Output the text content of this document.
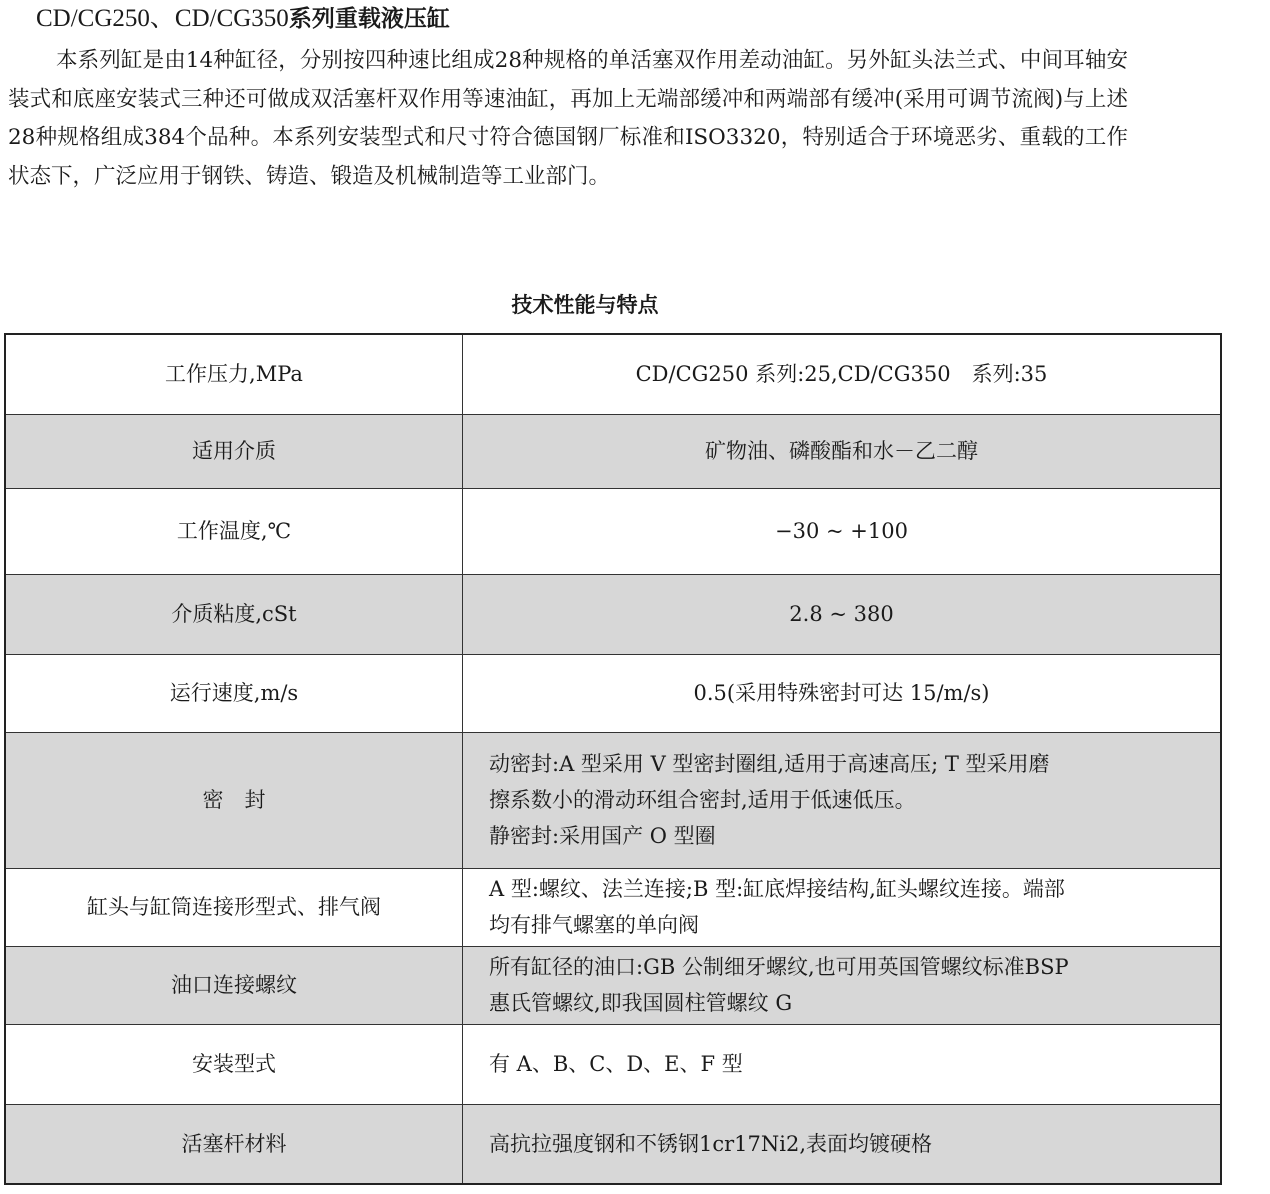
CD/CG250、CD/CG350系列重载液压缸

本系列缸是由14种缸径，分别按四种速比组成28种规格的单活塞双作用差动油缸。另外缸头法兰式、中间耳轴安装式和底座安装式三种还可做成双活塞杆双作用等速油缸，再加上无端部缓冲和两端部有缓冲(采用可调节流阀)与上述28种规格组成384个品种。本系列安装型式和尺寸符合德国钢厂标准和ISO3320，特别适合于环境恶劣、重载的工作状态下，广泛应用于钢铁、铸造、锻造及机械制造等工业部门。

技术性能与特点
工作压力,MPa	CD/CG250 系列:25,CD/CG350　系列:35
适用介质	矿物油、磷酸酯和水－乙二醇
工作温度,℃	−30 ~ +100
介质粘度,cSt	2.8 ~ 380
运行速度,m/s	0.5(采用特殊密封可达 15/m/s)
密　封	动密封:A 型采用 V 型密封圈组,适用于高速高压; T 型采用磨
擦系数小的滑动环组合密封,适用于低速低压。
静密封:采用国产 O 型圈

缸头与缸筒连接形型式、排气阀	A 型:螺纹、法兰连接;B 型:缸底焊接结构,缸头螺纹连接。端部
均有排气螺塞的单向阀

油口连接螺纹	所有缸径的油口:GB 公制细牙螺纹,也可用英国管螺纹标准BSP
惠氏管螺纹,即我国圆柱管螺纹 G

安装型式	有 A、B、C、D、E、F 型
活塞杆材料	高抗拉强度钢和不锈钢1cr17Ni2,表面均镀硬格
